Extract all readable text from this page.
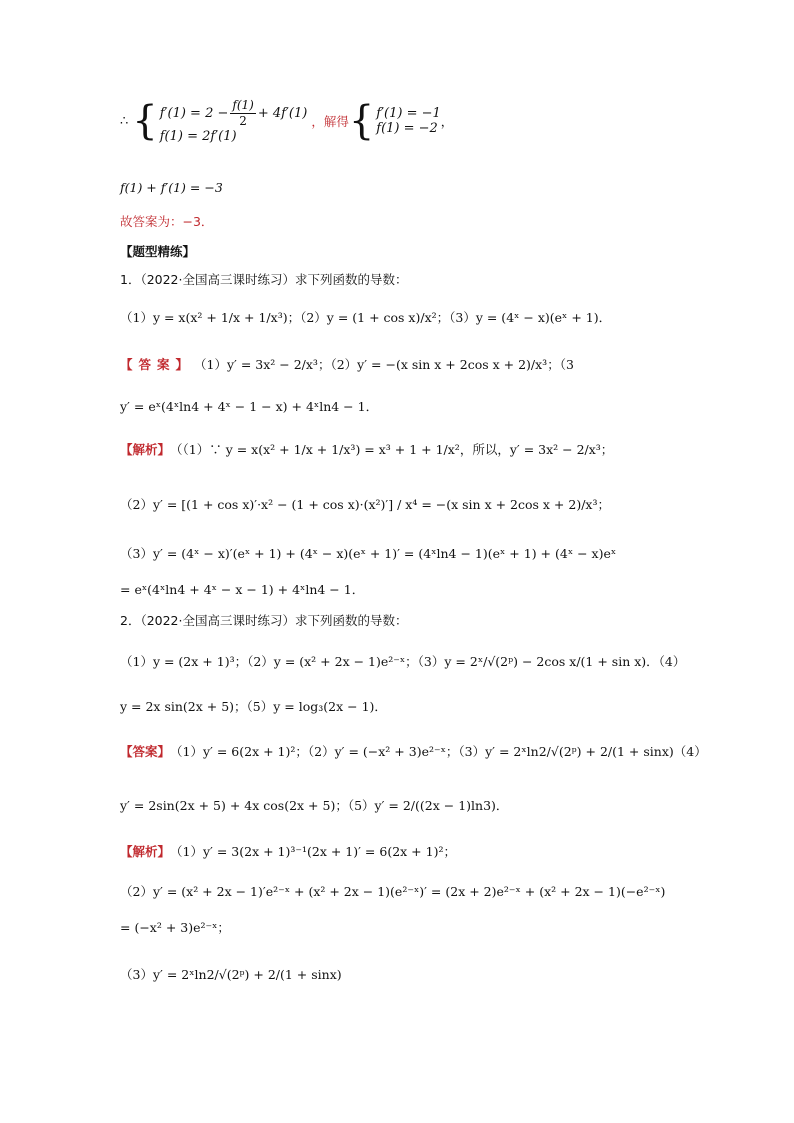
∴ { $f'(1) = 2 - \frac{f(1)}{2} + 4f'(1)$
f(1) = 2f′(1)
，解得 { f′(1) = −1
f(1) = −2 ，
f(1) + f′(1) = −3
故答案为：−3．
【题型精练】
1．（2022·全国高三课时练习）求下列函数的导数：
（1）y = x(x² + 1/x + 1/x³)；（2）y = (1 + cos x)/x²；（3）y = (4ˣ − x)(eˣ + 1)．
【答案】 （1）y′ = 3x² − 2/x³；（2）y′ = −(x sin x + 2cos x + 2)/x³；（3
y′ = eˣ(4ˣln4 + 4ˣ − 1 − x) + 4ˣln4 − 1．
【解析】 （（1）∵ y = x(x² + 1/x + 1/x³) = x³ + 1 + 1/x²，所以，y′ = 3x² − 2/x³；
（2）y′ = [(1 + cos x)′·x² − (1 + cos x)·(x²)′] / x⁴ = −(x sin x + 2cos x + 2)/x³；
（3）y′ = (4ˣ − x)′(eˣ + 1) + (4ˣ − x)(eˣ + 1)′ = (4ˣln4 − 1)(eˣ + 1) + (4ˣ − x)eˣ
= eˣ(4ˣln4 + 4ˣ − x − 1) + 4ˣln4 − 1．
2．（2022·全国高三课时练习）求下列函数的导数：
（1）y = (2x + 1)³；（2）y = (x² + 2x − 1)e²⁻ˣ；（3）y = 2ˣ/√(2ᵖ) − 2cos x/(1 + sin x)．（4）
y = 2x sin(2x + 5)；（5）y = log₃(2x − 1)．
【答案】 （1）y′ = 6(2x + 1)²；（2）y′ = (−x² + 3)e²⁻ˣ；（3）y′ = 2ˣln2/√(2ᵖ) + 2/(1 + sinx)（4）
y′ = 2sin(2x + 5) + 4x cos(2x + 5)；（5）y′ = 2/((2x − 1)ln3)．
【解析】 （1）y′ = 3(2x + 1)³⁻¹(2x + 1)′ = 6(2x + 1)²；
（2）y′ = (x² + 2x − 1)′e²⁻ˣ + (x² + 2x − 1)(e²⁻ˣ)′ = (2x + 2)e²⁻ˣ + (x² + 2x − 1)(−e²⁻ˣ)
= (−x² + 3)e²⁻ˣ；
（3）y′ = 2ˣln2/√(2ᵖ) + 2/(1 + sinx)
